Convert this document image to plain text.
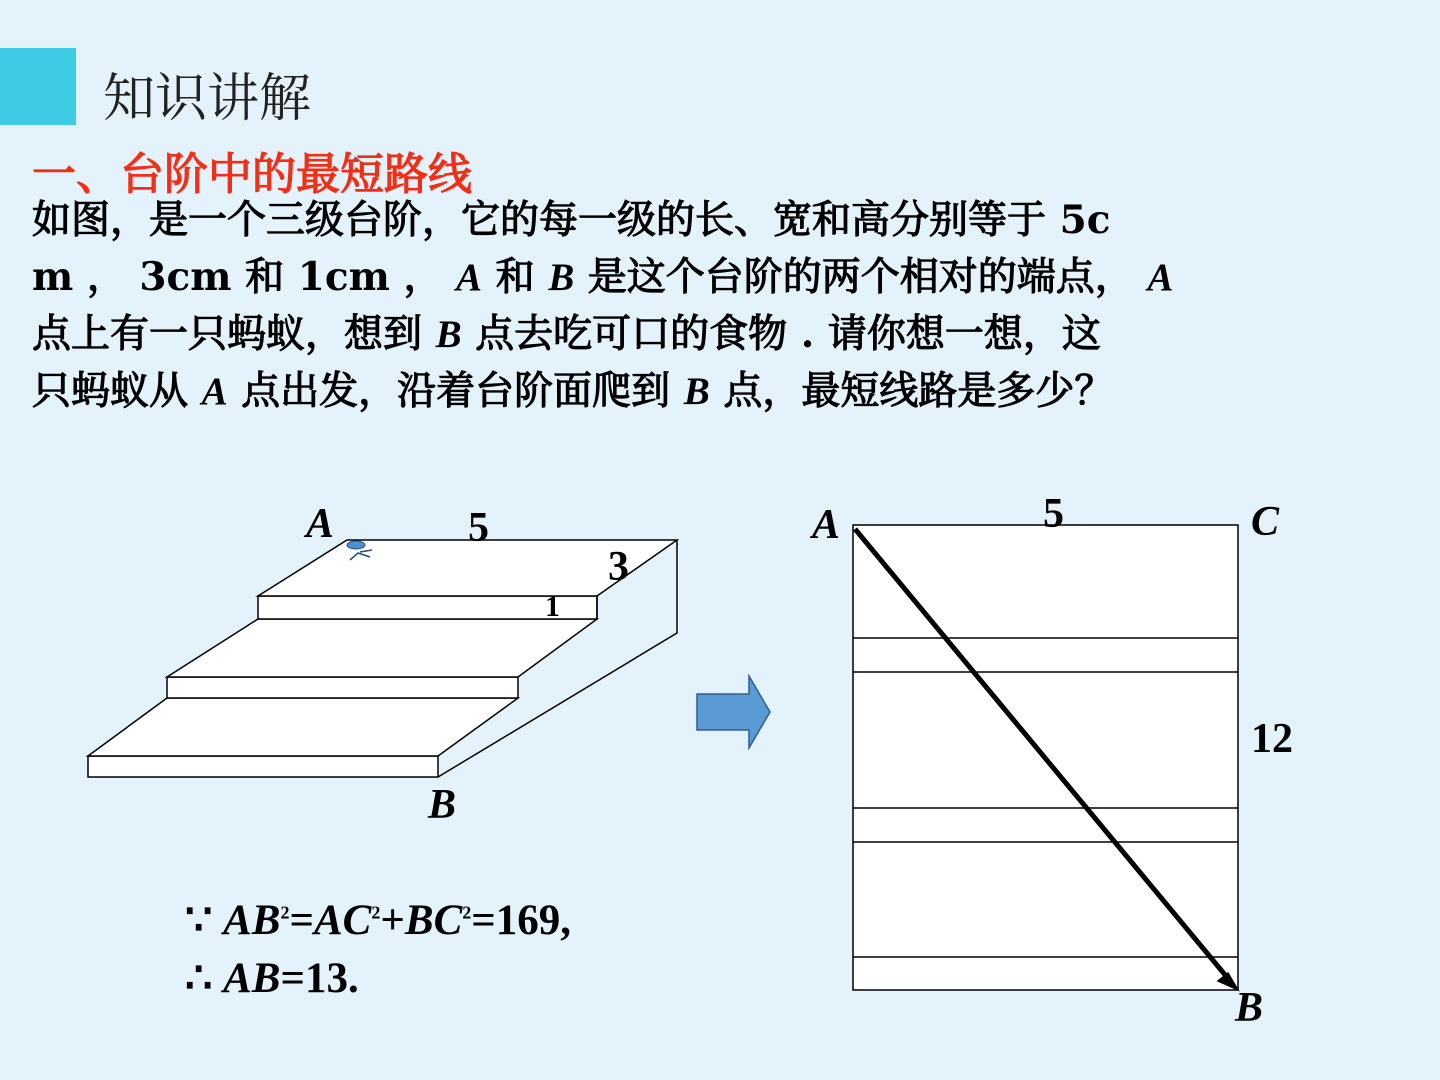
知识讲解
一、台阶中的最短路线
如图，是一个三级台阶，它的每一级的长、宽和高分别等于 5c
m ， 3cm 和 1cm ， A 和 B 是这个台阶的两个相对的端点， A
点上有一只蚂蚁，想到 B 点去吃可口的食物 . 请你想一想，这
只蚂蚁从 A 点出发，沿着台阶面爬到 B 点，最短线路是多少？
A	5
3
1
B
A	5	C
12
B
∵ $AB^2=AC^2+BC^2=169$,
∴ AB=13.
